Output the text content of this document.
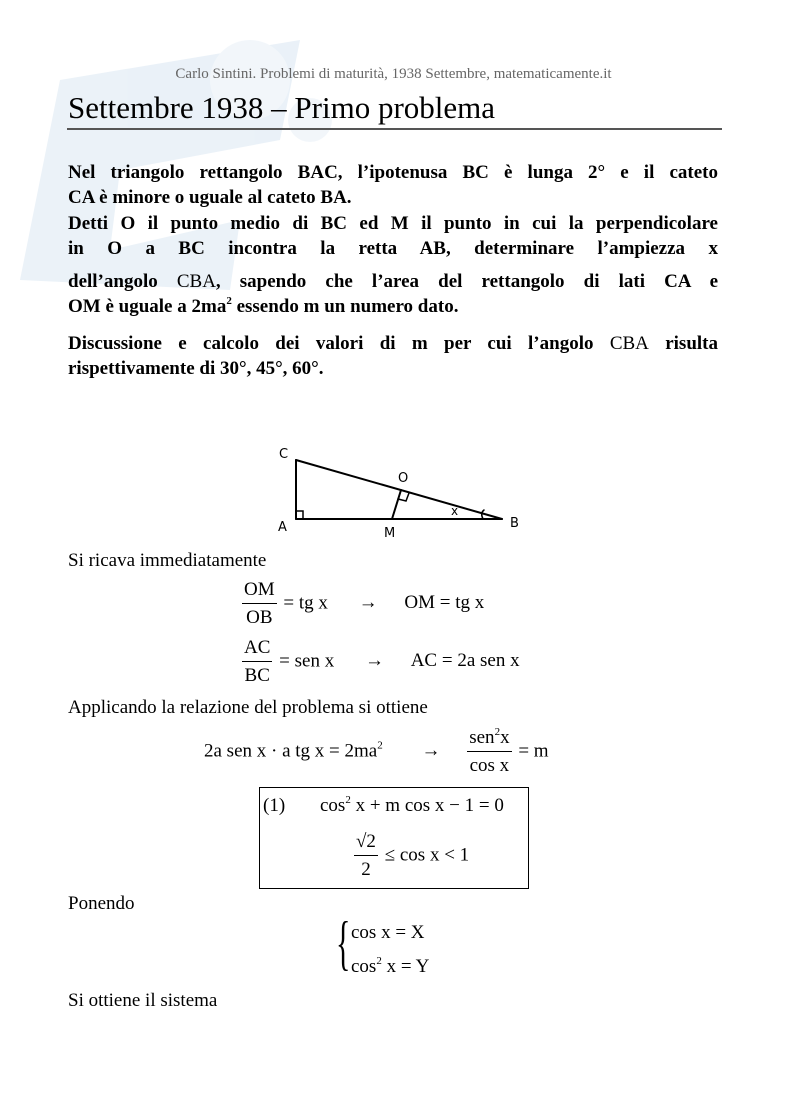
Carlo Sintini. Problemi di maturità, 1938 Settembre, matematicamente.it
Settembre 1938 – Primo problema
Nel triangolo rettangolo BAC, l’ipotenusa BC è lunga 2° e il cateto
CA è minore o uguale al cateto BA.
Detti O il punto medio di BC ed M il punto in cui la perpendicolare
in O a BC incontra la retta AB, determinare l’ampiezza x
dell’angolo CBA, sapendo che l’area del rettangolo di lati CA e
OM è uguale a $2ma^2$ essendo m un numero dato.
Discussione e calcolo dei valori di m per cui l’angolo CBA risulta
rispettivamente di 30°, 45°, 60°.
C
A	M
O
x
B
Si ricava immediatamente
$\frac{OM}{OB}$ = tg x → OM = tg x
$\frac{AC}{BC}$ = sen x → AC = 2a sen x
Applicando la relazione del problema si ottiene
2a sen x · a tg $x = 2ma^2 \to \frac{sen^2x}{\text{cos x}} = m$
(1) $\cos^2 x + m$ cos x − 1 = 0
$\frac{√2}{2} \le \cos x < 1$
Ponendo
{ cos x = X
$\cos^2 x = Y$
Si ottiene il sistema
